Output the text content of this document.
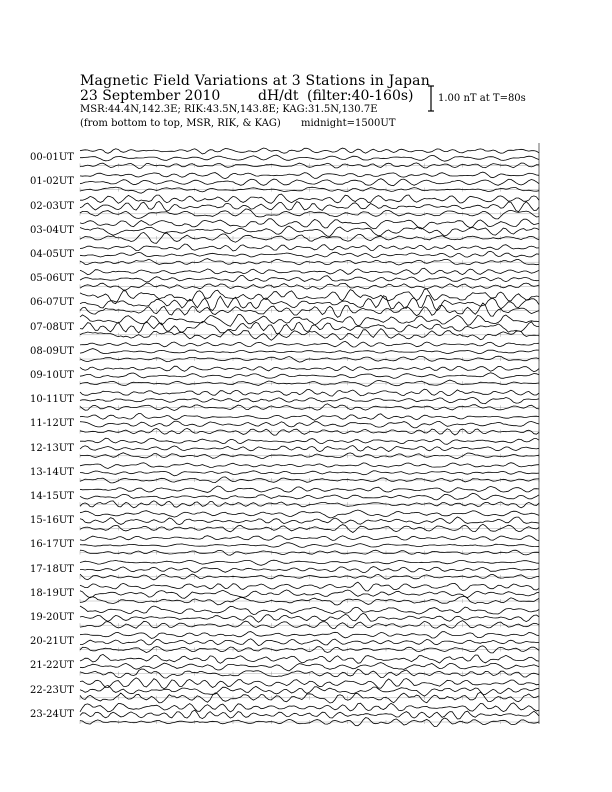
Magnetic Field Variations at 3 Stations in Japan
23 September 2010	dH/dt (filter:40-160s)
MSR:44.4N,142.3E; RIK:43.5N,143.8E; KAG:31.5N,130.7E
(from bottom to top, MSR, RIK, & KAG) midnight=1500UT
1.00 nT at T=80s
00-01UT
01-02UT
02-03UT
03-04UT
04-05UT
05-06UT
06-07UT
07-08UT
08-09UT
09-10UT
10-11UT
11-12UT
12-13UT
13-14UT
14-15UT
15-16UT
16-17UT
17-18UT
18-19UT
19-20UT
20-21UT
21-22UT
22-23UT
23-24UT
